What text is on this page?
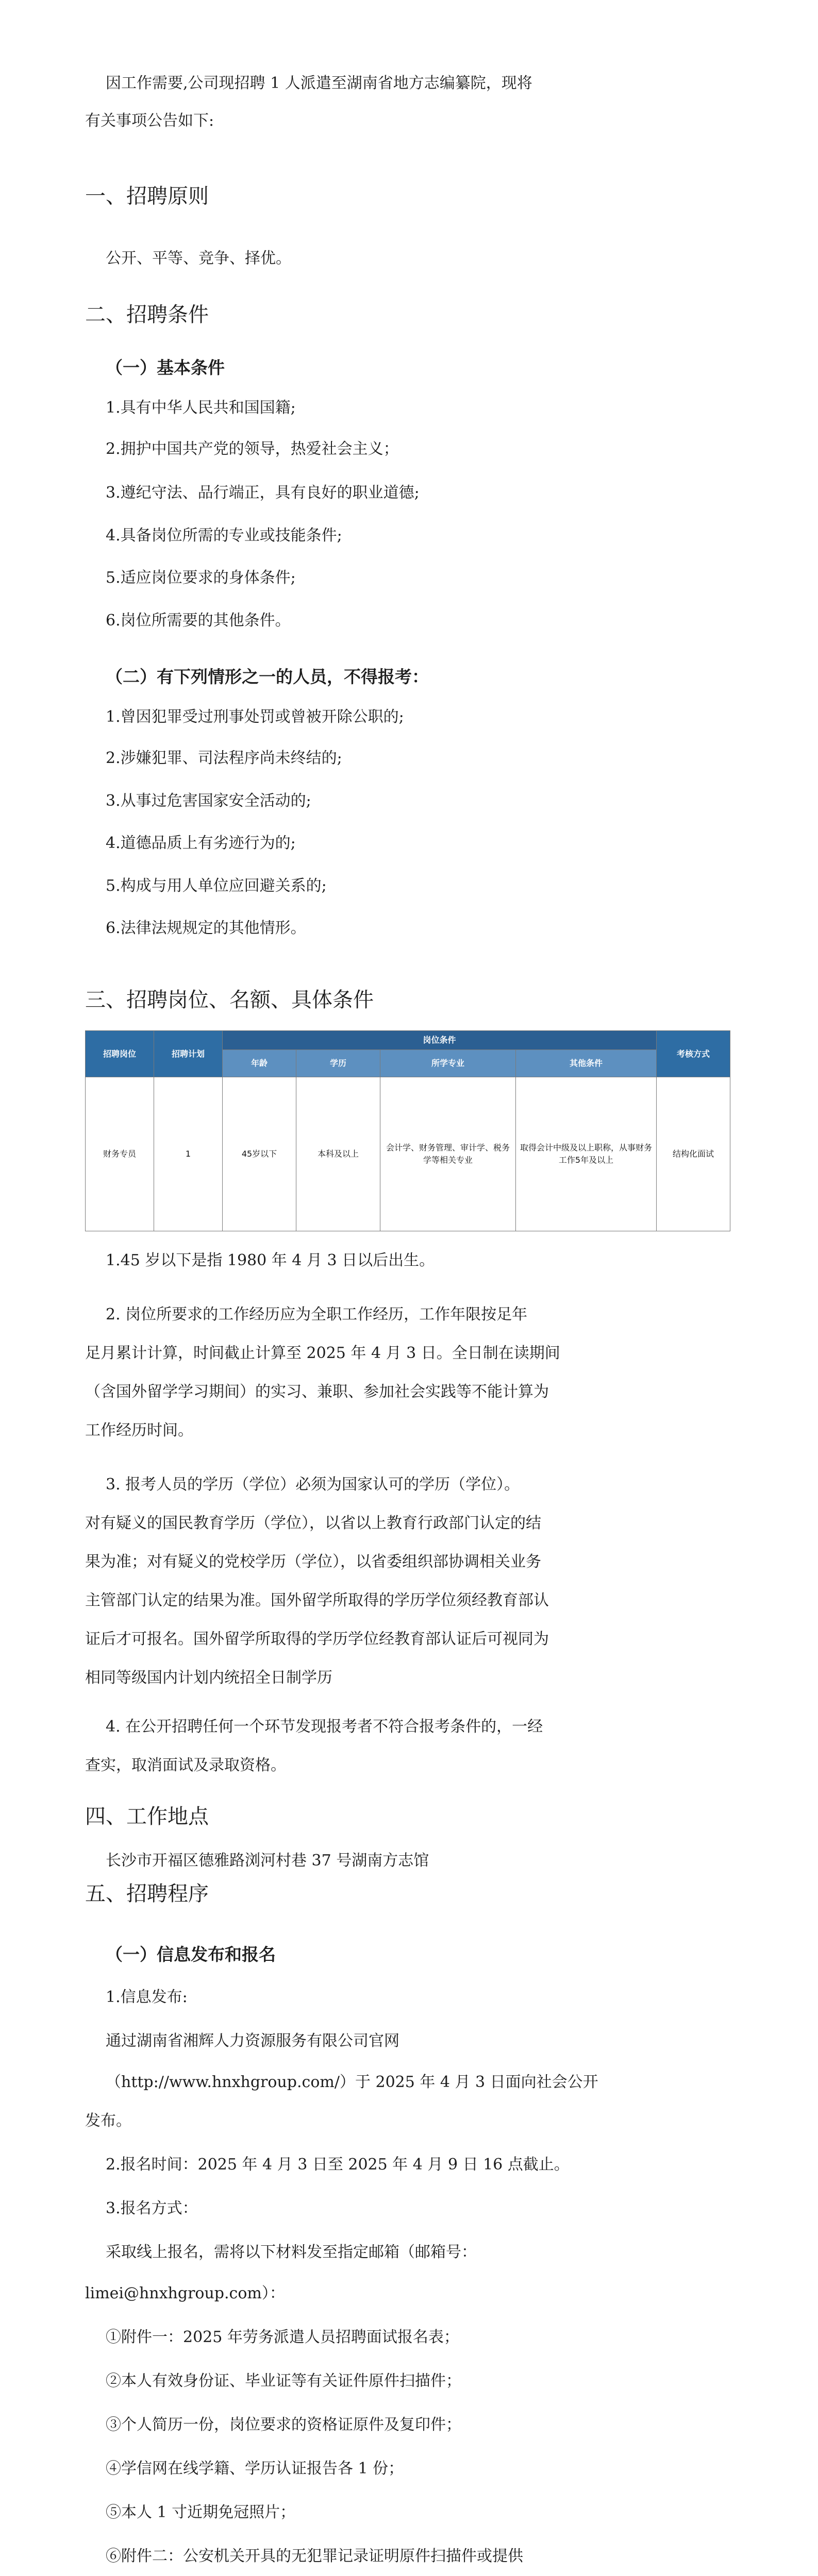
因工作需要,公司现招聘 1 人派遣至湖南省地方志编纂院，现将

有关事项公告如下:

一、招聘原则

公开、平等、竞争、择优。

二、招聘条件
（一）基本条件

1.具有中华人民共和国国籍;

2.拥护中国共产党的领导，热爱社会主义；

3.遵纪守法、品行端正，具有良好的职业道德;

4.具备岗位所需的专业或技能条件;

5.适应岗位要求的身体条件;

6.岗位所需要的其他条件。

（二）有下列情形之一的人员，不得报考：

1.曾因犯罪受过刑事处罚或曾被开除公职的;

2.涉嫌犯罪、司法程序尚未终结的;

3.从事过危害国家安全活动的;

4.道德品质上有劣迹行为的;

5.构成与用人单位应回避关系的;

6.法律法规规定的其他情形。

三、招聘岗位、名额、具体条件
招聘岗位	招聘计划	岗位条件				考核方式
		年龄	学历	所学专业	其他条件	
财务专员	1	45岁以下	本科及以上	会计学、财务管理、审计学、税务学等相关专业	取得会计中级及以上职称，从事财务工作5年及以上	结构化面试

1.45 岁以下是指 1980 年 4 月 3 日以后出生。

2. 岗位所要求的工作经历应为全职工作经历，工作年限按足年

足月累计计算，时间截止计算至 2025 年 4 月 3 日。全日制在读期间

（含国外留学学习期间）的实习、兼职、参加社会实践等不能计算为

工作经历时间。

3. 报考人员的学历（学位）必须为国家认可的学历（学位）。

对有疑义的国民教育学历（学位），以省以上教育行政部门认定的结

果为准；对有疑义的党校学历（学位），以省委组织部协调相关业务

主管部门认定的结果为准。国外留学所取得的学历学位须经教育部认

证后才可报名。国外留学所取得的学历学位经教育部认证后可视同为

相同等级国内计划内统招全日制学历

4. 在公开招聘任何一个环节发现报考者不符合报考条件的，一经

查实，取消面试及录取资格。

四、工作地点

长沙市开福区德雅路浏河村巷 37 号湖南方志馆

五、招聘程序
（一）信息发布和报名

1.信息发布:

通过湖南省湘辉人力资源服务有限公司官网

（http://www.hnxhgroup.com/）于 2025 年 4 月 3 日面向社会公开

发布。

2.报名时间：2025 年 4 月 3 日至 2025 年 4 月 9 日 16 点截止。

3.报名方式：

采取线上报名，需将以下材料发至指定邮箱（邮箱号：

limei@hnxhgroup.com）：

①附件一：2025 年劳务派遣人员招聘面试报名表；

②本人有效身份证、毕业证等有关证件原件扫描件；

③个人简历一份，岗位要求的资格证原件及复印件；

④学信网在线学籍、学历认证报告各 1 份；

⑤本人 1 寸近期免冠照片；

⑥附件二：公安机关开具的无犯罪记录证明原件扫描件或提供
